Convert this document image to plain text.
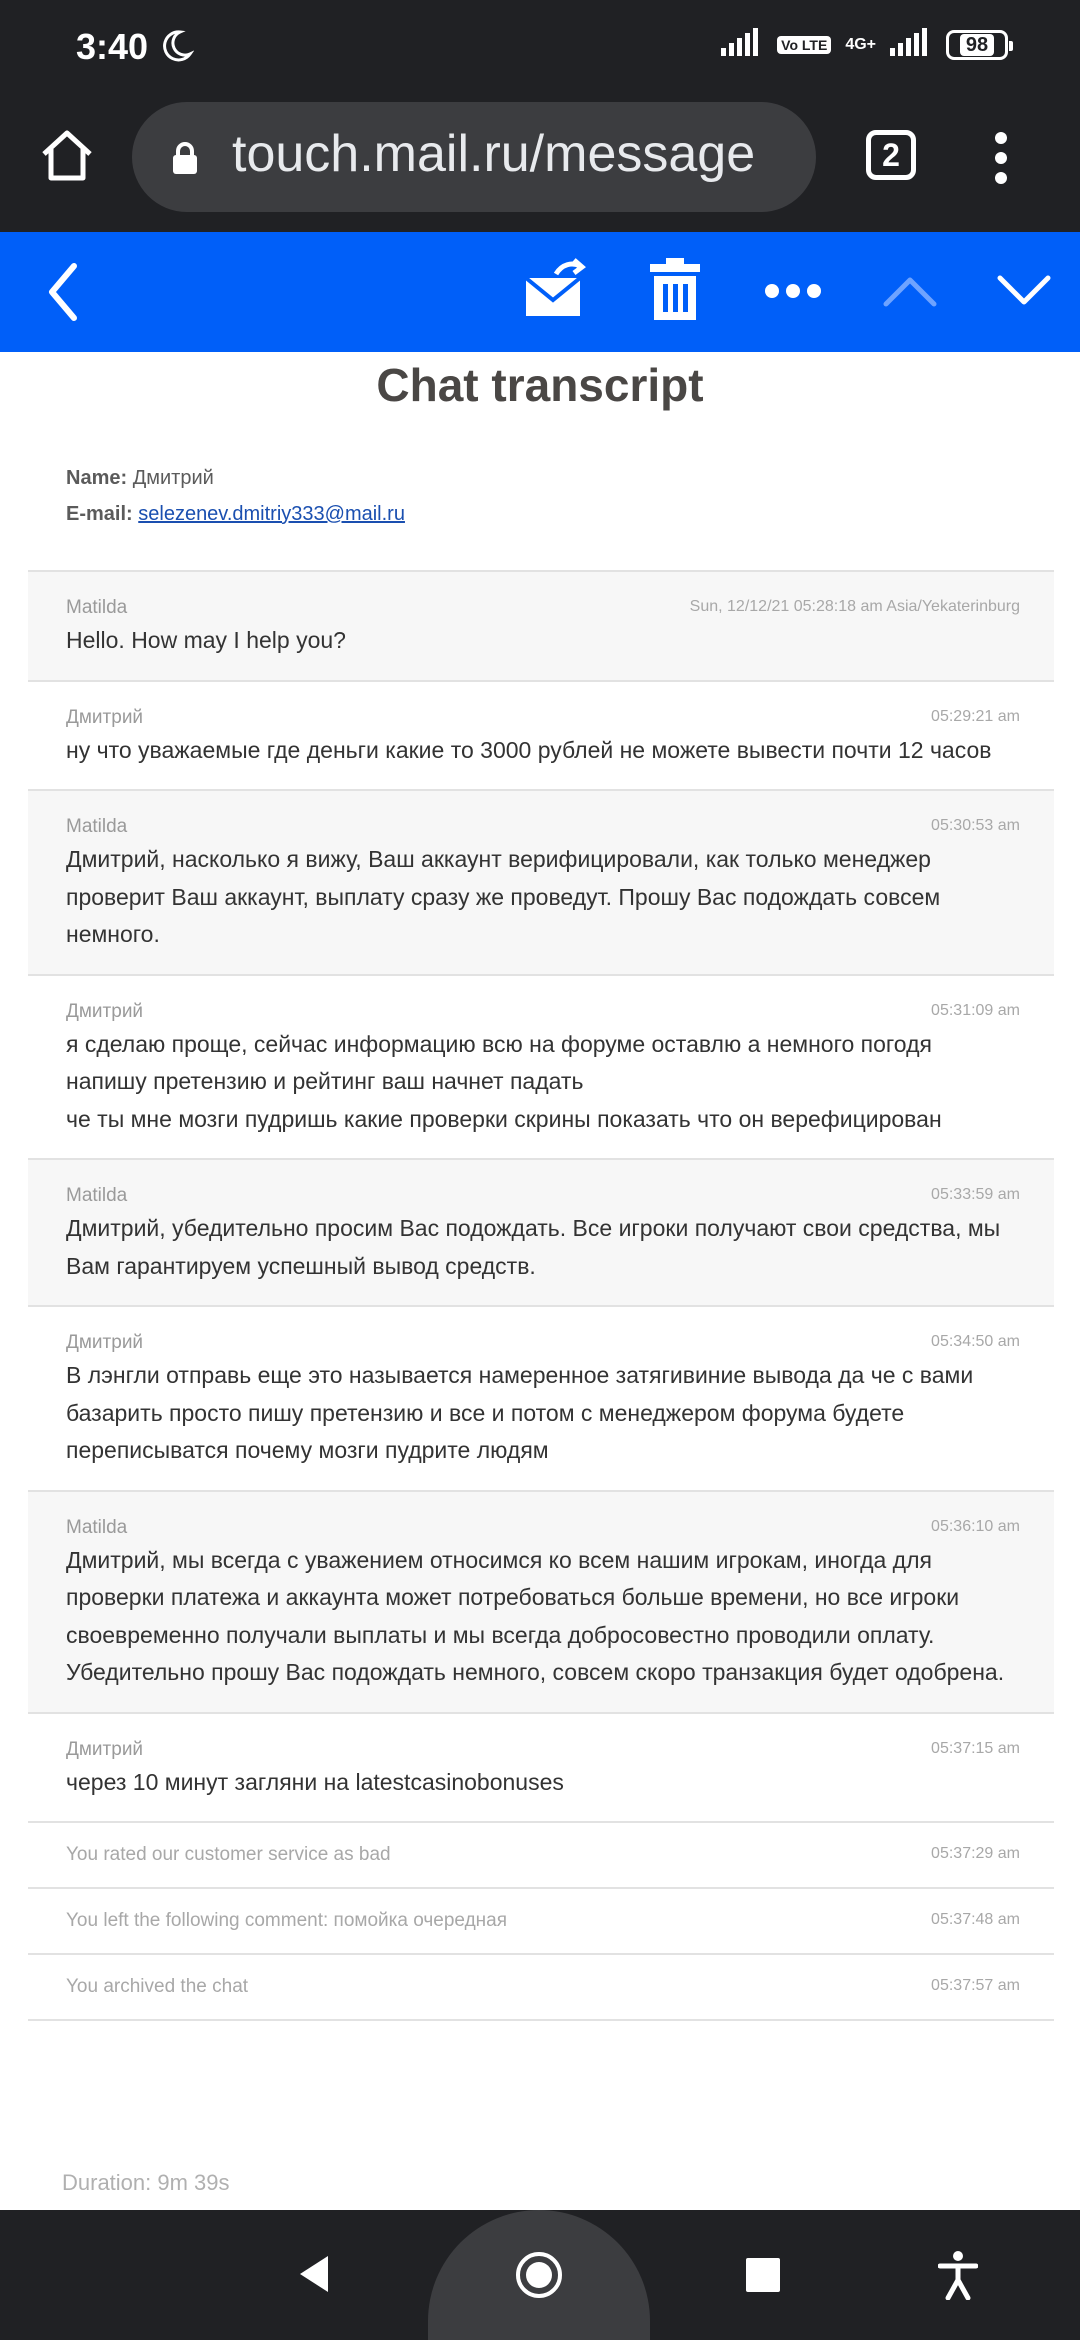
3:40	Vo LTE 4G+	98
touch.mail.ru/message	2
Chat transcript
Name: Дмитрий
E-mail: selezenev.dmitriy333@mail.ru
Matilda	Sun, 12/12/21 05:28:18 am Asia/Yekaterinburg
Hello. How may I help you?
Дмитрий	05:29:21 am
ну что уважаемые где деньги какие то 3000 рублей не можете вывести почти 12 часов
Matilda	05:30:53 am
Дмитрий, насколько я вижу, Ваш аккаунт верифицировали, как только менеджер проверит Ваш аккаунт, выплату сразу же проведут. Прошу Вас подождать совсем немного.
Дмитрий	05:31:09 am
я сделаю проще, сейчас информацию всю на форуме оставлю а немного погодя напишу претензию и рейтинг ваш начнет падать
че ты мне мозги пудришь какие проверки скрины показать что он верефицирован
Matilda	05:33:59 am
Дмитрий, убедительно просим Вас подождать. Все игроки получают свои средства, мы Вам гарантируем успешный вывод средств.
Дмитрий	05:34:50 am
В лэнгли отправь еще это называется намеренное затягивиние вывода да че с вами базарить просто пишу претензию и все и потом с менеджером форума будете переписыватся почему мозги пудрите людям
Matilda	05:36:10 am
Дмитрий, мы всегда с уважением относимся ко всем нашим игрокам, иногда для проверки платежа и аккаунта может потребоваться больше времени, но все игроки своевременно получали выплаты и мы всегда добросовестно проводили оплату. Убедительно прошу Вас подождать немного, совсем скоро транзакция будет одобрена.
Дмитрий	05:37:15 am
через 10 минут загляни на latestcasinobonuses
You rated our customer service as bad	05:37:29 am
You left the following comment: помойка очередная	05:37:48 am
You archived the chat	05:37:57 am
Duration: 9m 39s
